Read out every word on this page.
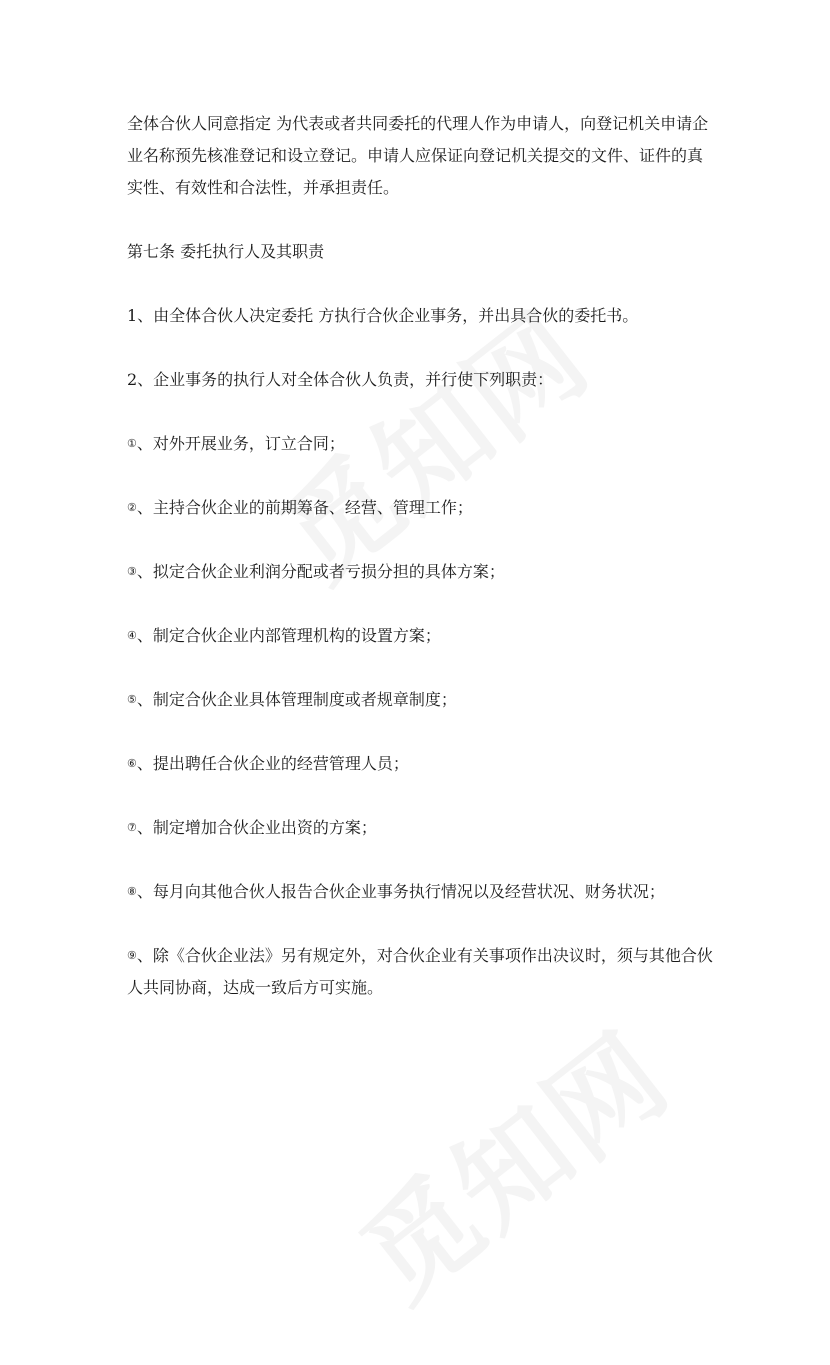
全体合伙人同意指定 为代表或者共同委托的代理人作为申请人，向登记机关申请企业名称预先核准登记和设立登记。申请人应保证向登记机关提交的文件、证件的真实性、有效性和合法性，并承担责任。

第七条 委托执行人及其职责

1、由全体合伙人决定委托 方执行合伙企业事务，并出具合伙的委托书。

2、企业事务的执行人对全体合伙人负责，并行使下列职责：

①、对外开展业务，订立合同；

②、主持合伙企业的前期筹备、经营、管理工作；

③、拟定合伙企业利润分配或者亏损分担的具体方案；

④、制定合伙企业内部管理机构的设置方案；

⑤、制定合伙企业具体管理制度或者规章制度；

⑥、提出聘任合伙企业的经营管理人员；

⑦、制定增加合伙企业出资的方案；

⑧、每月向其他合伙人报告合伙企业事务执行情况以及经营状况、财务状况；

⑨、除《合伙企业法》另有规定外，对合伙企业有关事项作出决议时，须与其他合伙人共同协商，达成一致后方可实施。
